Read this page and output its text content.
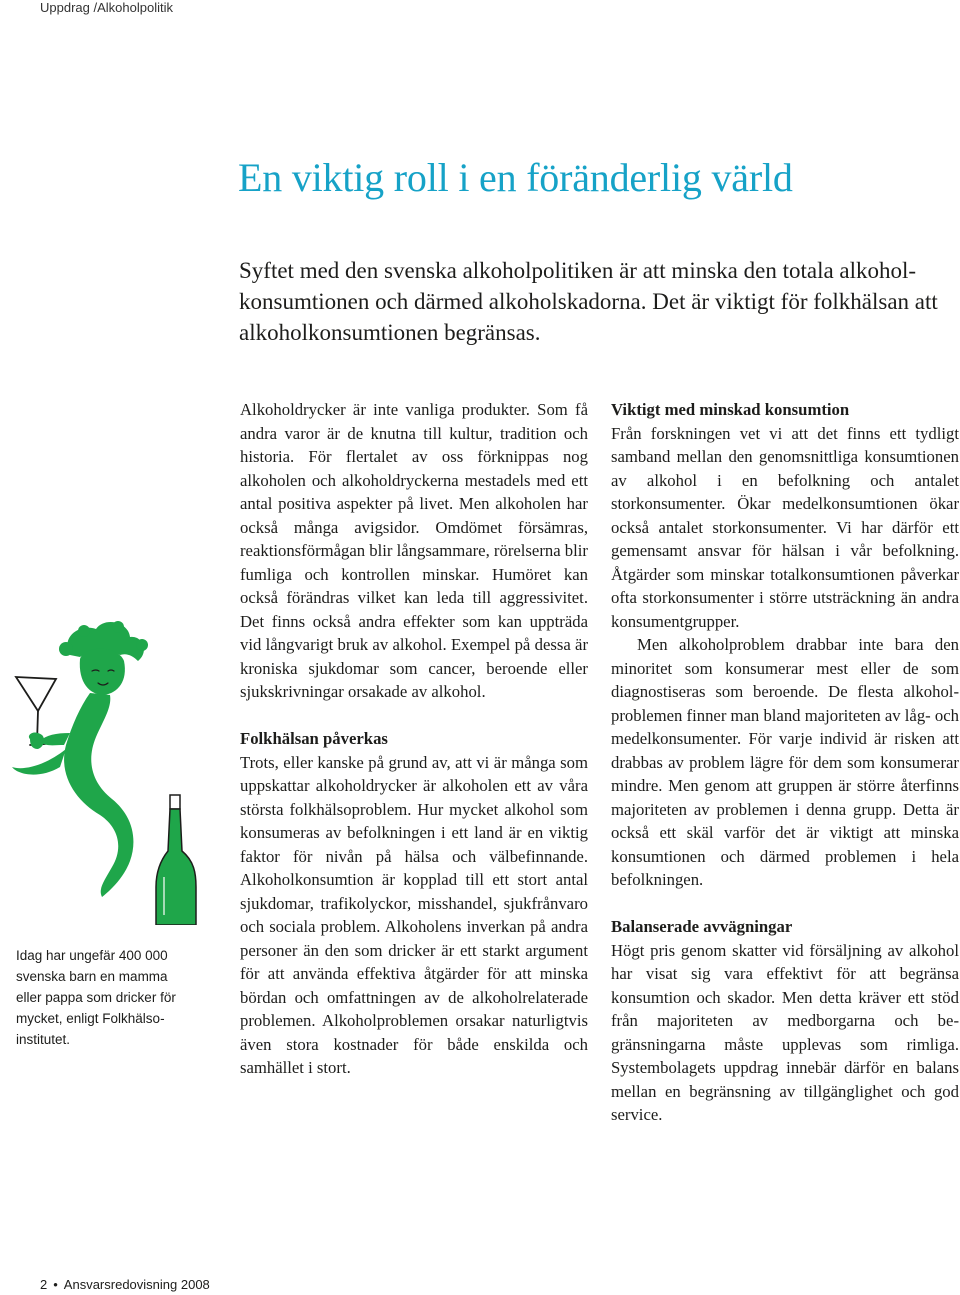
Uppdrag /Alkoholpolitik
En viktig roll i en föränderlig värld

Syftet med den svenska alkoholpolitiken är att minska den totala alkoholkonsumtionen och därmed alkoholskadorna. Det är viktigt för folkhälsan att alkoholkonsumtionen begränsas.

Idag har ungefär 400 000 svenska barn en mamma eller pappa som dricker för mycket, enligt Folkhälsoinstitutet.

Alkoholdrycker är inte vanliga produkter. Som få andra varor är de knutna till kultur, tradition och historia. För flertalet av oss förknippas nog alkoholen och alkoholdryckerna mestadels med ett antal positiva aspekter på livet. Men alkoholen har också många avigsidor. Omdömet försämras, reaktionsförmågan blir långsammare, rörelserna blir fumliga och kontrollen minskar. Humöret kan också förändras vilket kan leda till aggressivitet. Det finns också andra effekter som kan uppträda vid långvarigt bruk av alkohol. Exempel på dessa är kroniska sjukdomar som cancer, beroende eller sjukskrivningar orsakade av alkohol.

Folkhälsan påverkas

Trots, eller kanske på grund av, att vi är många som uppskattar alkoholdrycker är alkoholen ett av våra största folkhälsoproblem. Hur mycket alkohol som konsumeras av befolkningen i ett land är en viktig faktor för nivån på hälsa och välbefinnande. Alkoholkonsumtion är kopplad till ett stort antal sjukdomar, trafikolyckor, misshandel, sjukfrånvaro och sociala problem. Alkoholens inverkan på andra personer än den som dricker är ett starkt argument för att använda effektiva åtgärder för att minska bördan och omfattningen av de alkoholrelaterade problemen. Alkoholproblemen orsakar naturligtvis även stora kostnader för både enskilda och samhället i stort.

Viktigt med minskad konsumtion

Från forskningen vet vi att det finns ett tydligt samband mellan den genomsnittliga konsumtionen av alkohol i en befolkning och antalet storkonsumenter. Ökar medelkonsumtionen ökar också antalet storkonsumenter. Vi har därför ett gemensamt ansvar för hälsan i vår befolkning. Åtgärder som minskar totalkonsumtionen påverkar ofta storkonsumenter i större utsträckning än andra konsumentgrupper.

Men alkoholproblem drabbar inte bara den minoritet som konsumerar mest eller de som diagnostiseras som beroende. De flesta alkoholproblemen finner man bland majoriteten av låg- och medelkonsumenter. För varje individ är risken att drabbas av problem lägre för dem som konsumerar mindre. Men genom att gruppen är större återfinns majoriteten av problemen i denna grupp. Detta är också ett skäl varför det är viktigt att minska konsumtionen och därmed problemen i hela befolkningen.

Balanserade avvägningar

Högt pris genom skatter vid försäljning av alkohol har visat sig vara effektivt för att begränsa konsumtion och skador. Men detta kräver ett stöd från majoriteten av medborgarna och begränsningarna måste upplevas som rimliga. Systembolagets uppdrag innebär därför en balans mellan en begränsning av tillgänglighet och god service.

2 • Ansvarsredovisning 2008
